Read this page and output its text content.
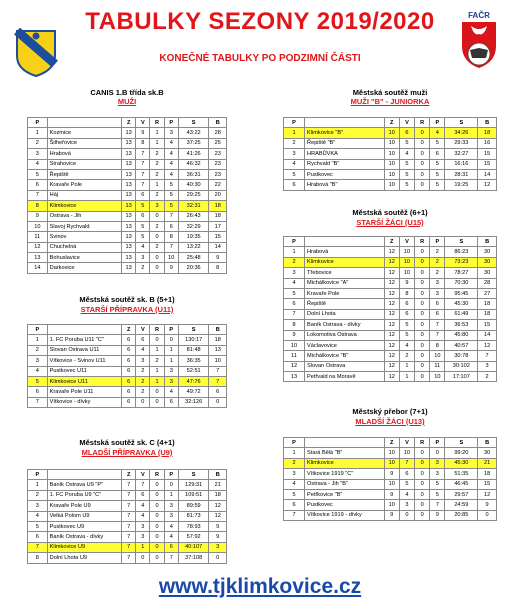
TABULKY SEZONY 2019/2020
KONEČNÉ TABULKY PO PODZIMNÍ ČÁSTI
FAČR
CANIS 1.B třída sk.B
MUŽI
P		Z	V	R	P	S	B
1	Kozmice	13	9	1	3	43:22	28
2	Šilheřovice	13	8	1	4	37:25	25
3	Hrabová	13	7	2	4	41:26	23
4	Strahovice	13	7	2	4	46:32	23
5	Řepiště	13	7	2	4	36:31	23
6	Kravaře Pole	13	7	1	5	40:30	22
7	Háj	13	6	2	5	29:25	20
8	Klimkovice	13	5	3	5	32:31	18
9	Ostrava - Jih	13	6	0	7	26:43	18
10	Slavoj Rychvald	13	5	2	6	32:29	17
11	Svinov	13	5	0	8	19:35	15
12	Chuchelná	13	4	2	7	13:22	14
13	Bohuslavice	13	3	0	10	25:48	9
14	Darkovice	13	2	0	9	20:36	8
Městská soutěž muži
MUŽI "B" - JUNIORKA
P		Z	V	R	P	S	B
1	Klimkovice "B"	10	6	0	4	34:26	18
2	Řepiště "B"	10	5	0	5	29:33	16
3	HRABŮVKA	10	4	0	6	32:27	15
4	Rychvald "B"	10	5	0	5	16:16	15
5	Pustkovec	10	5	0	5	28:31	14
6	Hrabová "B"	10	5	0	5	19:25	12
Městská soutěž sk. B (5+1)
STARŠÍ PŘÍPRAVKA (U11)
P		Z	V	R	P	S	B
1	1. FC Poruba U11 "C"	6	6	0	0	130:17	18
2	Slovan Ostrava U11	6	4	1	1	81:48	13
3	Vítkovice - Svinov U11	6	3	2	1	36:35	10
4	Pustkovec U11	6	2	1	3	52:51	7
5	Klimkovice U11	6	2	1	3	47:76	7
6	Kravaře Pole U11	6	2	0	4	49:72	6
7	Vítkovice - dívky	6	0	0	6	32:126	0
Městská soutěž sk. C (4+1)
MLADŠÍ PŘÍPRAVKA (U9)
P		Z	V	R	P	S	B
1	Baník Ostrava U9 "P"	7	7	0	0	129:31	21
2	1. FC Poruba U9 "C"	7	6	0	1	109:51	18
3	Kravaře Pole U9	7	4	0	3	89:59	12
4	Velká Polom U9	7	4	0	3	81:73	12
5	Pustkovec U9	7	3	0	4	78:93	9
6	Baník Ostrava - dívky	7	3	0	4	57:92	9
7	Klimkovice U9	7	1	0	6	40:107	3
8	Dolní Lhota U9	7	0	0	7	37:108	0
Městská soutěž (6+1)
STARŠÍ ŽÁCI (U15)
P		Z	V	R	P	S	B
1	Hrabová	12	10	0	2	86:23	30
2	Klimkovice	12	10	0	2	73:23	30
3	Třebovice	12	10	0	2	78:27	30
4	Michálkovice "A"	12	9	0	3	70:30	28
5	Kravaře Pole	12	8	0	3	95:45	27
6	Řepiště	12	6	0	6	45:30	18
7	Dolní Lhota	12	6	0	6	61:49	18
8	Baník Ostrava - dívky	12	5	0	7	36:53	15
9	Lokomotiva Ostrava	12	5	0	7	45:80	14
10	Václavovice	12	4	0	8	40:57	12
11	Michálkovice "B"	12	2	0	10	30:78	7
12	Slovan Ostrava	12	1	0	11	30:102	3
13	Petřvald na Moravě	12	1	0	10	17:107	2
Městský přebor (7+1)
MLADŠÍ ŽÁCI (U13)
P		Z	V	R	P	S	B
1	Stará Bělá "B"	10	10	0	0	99:20	30
2	Klimkovice	10	7	0	3	45:30	21
3	Vítkovice 1919 "C"	9	6	0	3	51:35	18
4	Ostrava - Jih "B"	10	5	0	5	46:45	15
5	Petřkovice "B"	9	4	0	5	29:57	12
6	Pustkovec	10	3	0	7	24:59	9
7	Vítkovice 1919 - dívky	9	0	0	9	20:85	0
www.tjklimkovice.cz
